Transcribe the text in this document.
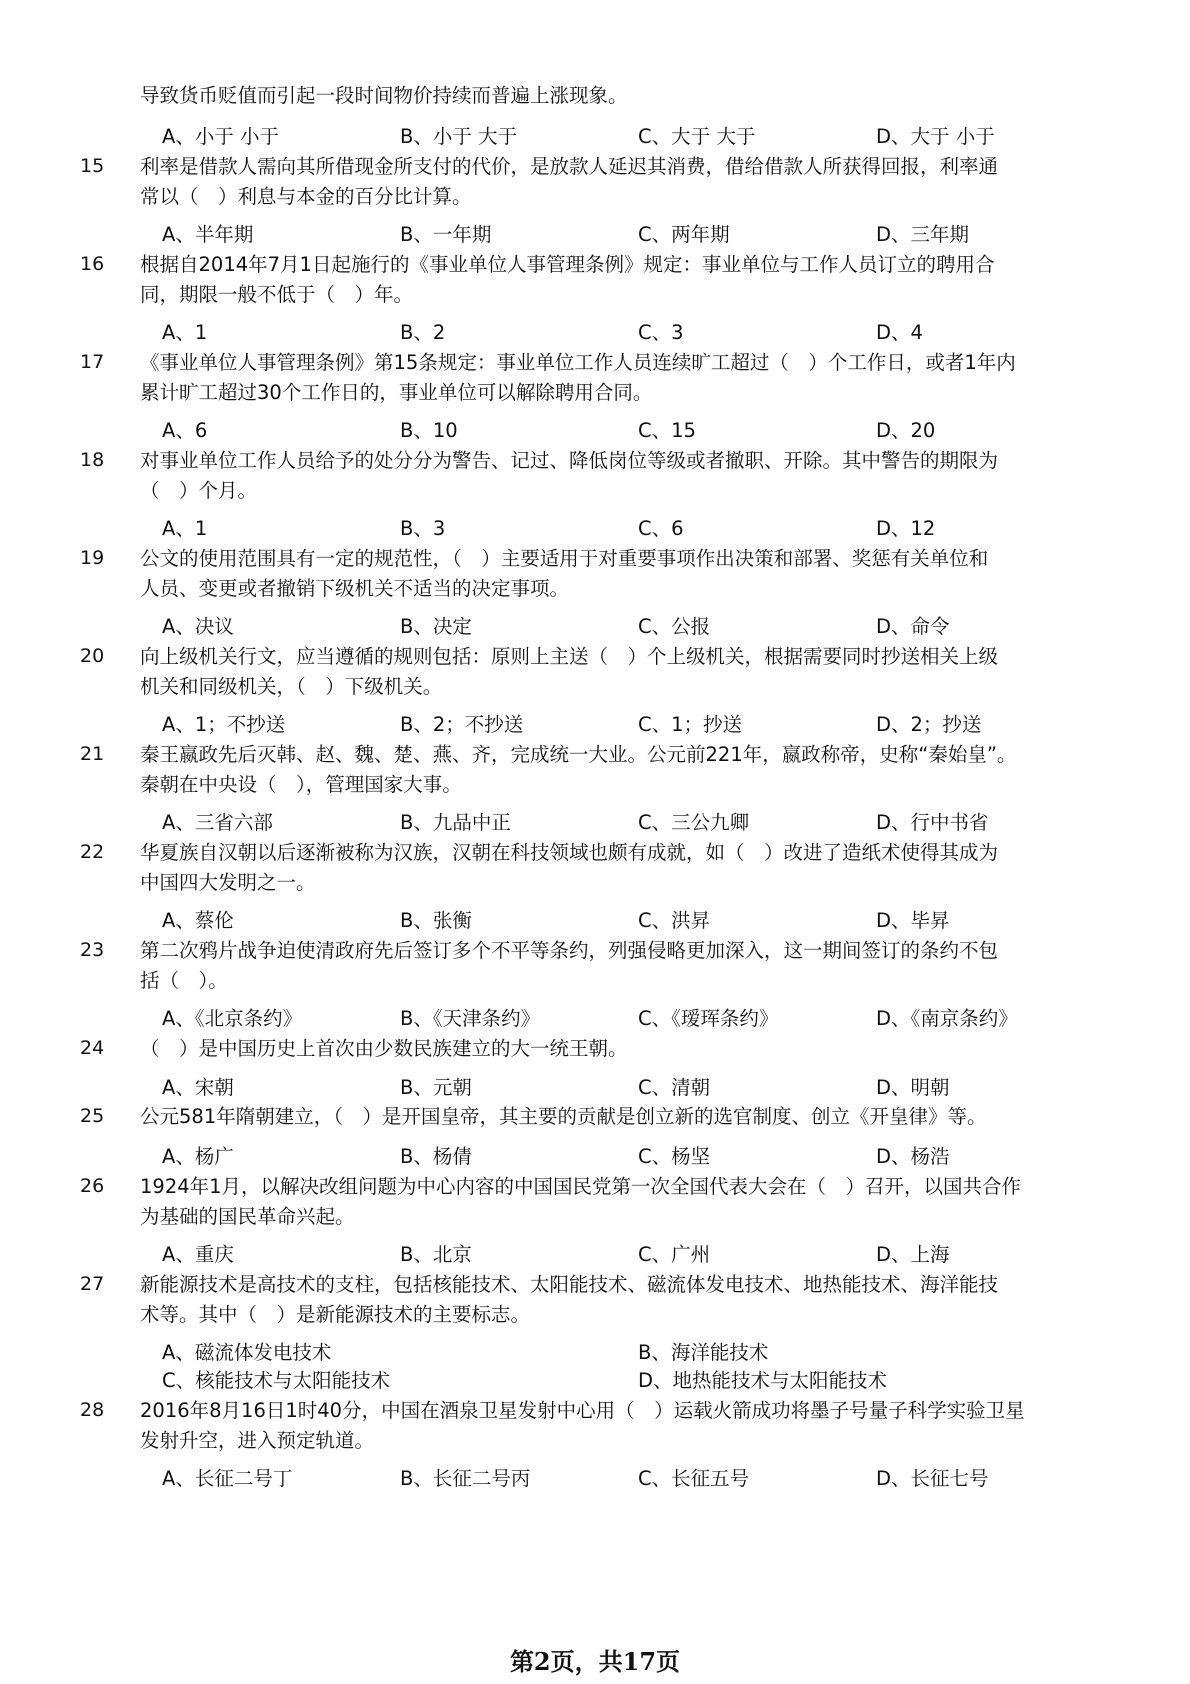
导致货币贬值而引起一段时间物价持续而普遍上涨现象。
A、小于 小于	B、小于 大于	C、大于 大于	D、大于 小于
15 利率是借款人需向其所借现金所支付的代价，是放款人延迟其消费，借给借款人所获得回报，利率通
常以（　）利息与本金的百分比计算。
A、半年期	B、一年期	C、两年期	D、三年期
16 根据自2014年7月1日起施行的《事业单位人事管理条例》规定：事业单位与工作人员订立的聘用合
同，期限一般不低于（　）年。
A、1	B、2	C、3	D、4
17 《事业单位人事管理条例》第15条规定：事业单位工作人员连续旷工超过（　）个工作日，或者1年内
累计旷工超过30个工作日的，事业单位可以解除聘用合同。
A、6	B、10	C、15	D、20
18 对事业单位工作人员给予的处分分为警告、记过、降低岗位等级或者撤职、开除。其中警告的期限为
（　）个月。
A、1	B、3	C、6	D、12
19 公文的使用范围具有一定的规范性，（　）主要适用于对重要事项作出决策和部署、奖惩有关单位和
人员、变更或者撤销下级机关不适当的决定事项。
A、决议	B、决定	C、公报	D、命令
20 向上级机关行文，应当遵循的规则包括：原则上主送（　）个上级机关，根据需要同时抄送相关上级
机关和同级机关，（　）下级机关。
A、1；不抄送	B、2；不抄送	C、1；抄送	D、2；抄送
21 秦王嬴政先后灭韩、赵、魏、楚、燕、齐，完成统一大业。公元前221年，嬴政称帝，史称“秦始皇”。
秦朝在中央设（　），管理国家大事。
A、三省六部	B、九品中正	C、三公九卿	D、行中书省
22 华夏族自汉朝以后逐渐被称为汉族，汉朝在科技领域也颇有成就，如（　）改进了造纸术使得其成为
中国四大发明之一。
A、蔡伦	B、张衡	C、洪昇	D、毕昇
23 第二次鸦片战争迫使清政府先后签订多个不平等条约，列强侵略更加深入，这一期间签订的条约不包
括（　）。
A、《北京条约》	B、《天津条约》	C、《瑷珲条约》	D、《南京条约》
24 （　）是中国历史上首次由少数民族建立的大一统王朝。
A、宋朝	B、元朝	C、清朝	D、明朝
25 公元581年隋朝建立，（　）是开国皇帝，其主要的贡献是创立新的选官制度、创立《开皇律》等。
A、杨广	B、杨倩	C、杨坚	D、杨浩
26 1924年1月，以解决改组问题为中心内容的中国国民党第一次全国代表大会在（　）召开，以国共合作
为基础的国民革命兴起。
A、重庆	B、北京	C、广州	D、上海
27 新能源技术是高技术的支柱，包括核能技术、太阳能技术、磁流体发电技术、地热能技术、海洋能技
术等。其中（　）是新能源技术的主要标志。
A、磁流体发电技术	B、海洋能技术
C、核能技术与太阳能技术	D、地热能技术与太阳能技术
28 2016年8月16日1时40分，中国在酒泉卫星发射中心用（　）运载火箭成功将墨子号量子科学实验卫星
发射升空，进入预定轨道。
A、长征二号丁	B、长征二号丙	C、长征五号	D、长征七号
第2页，共17页
